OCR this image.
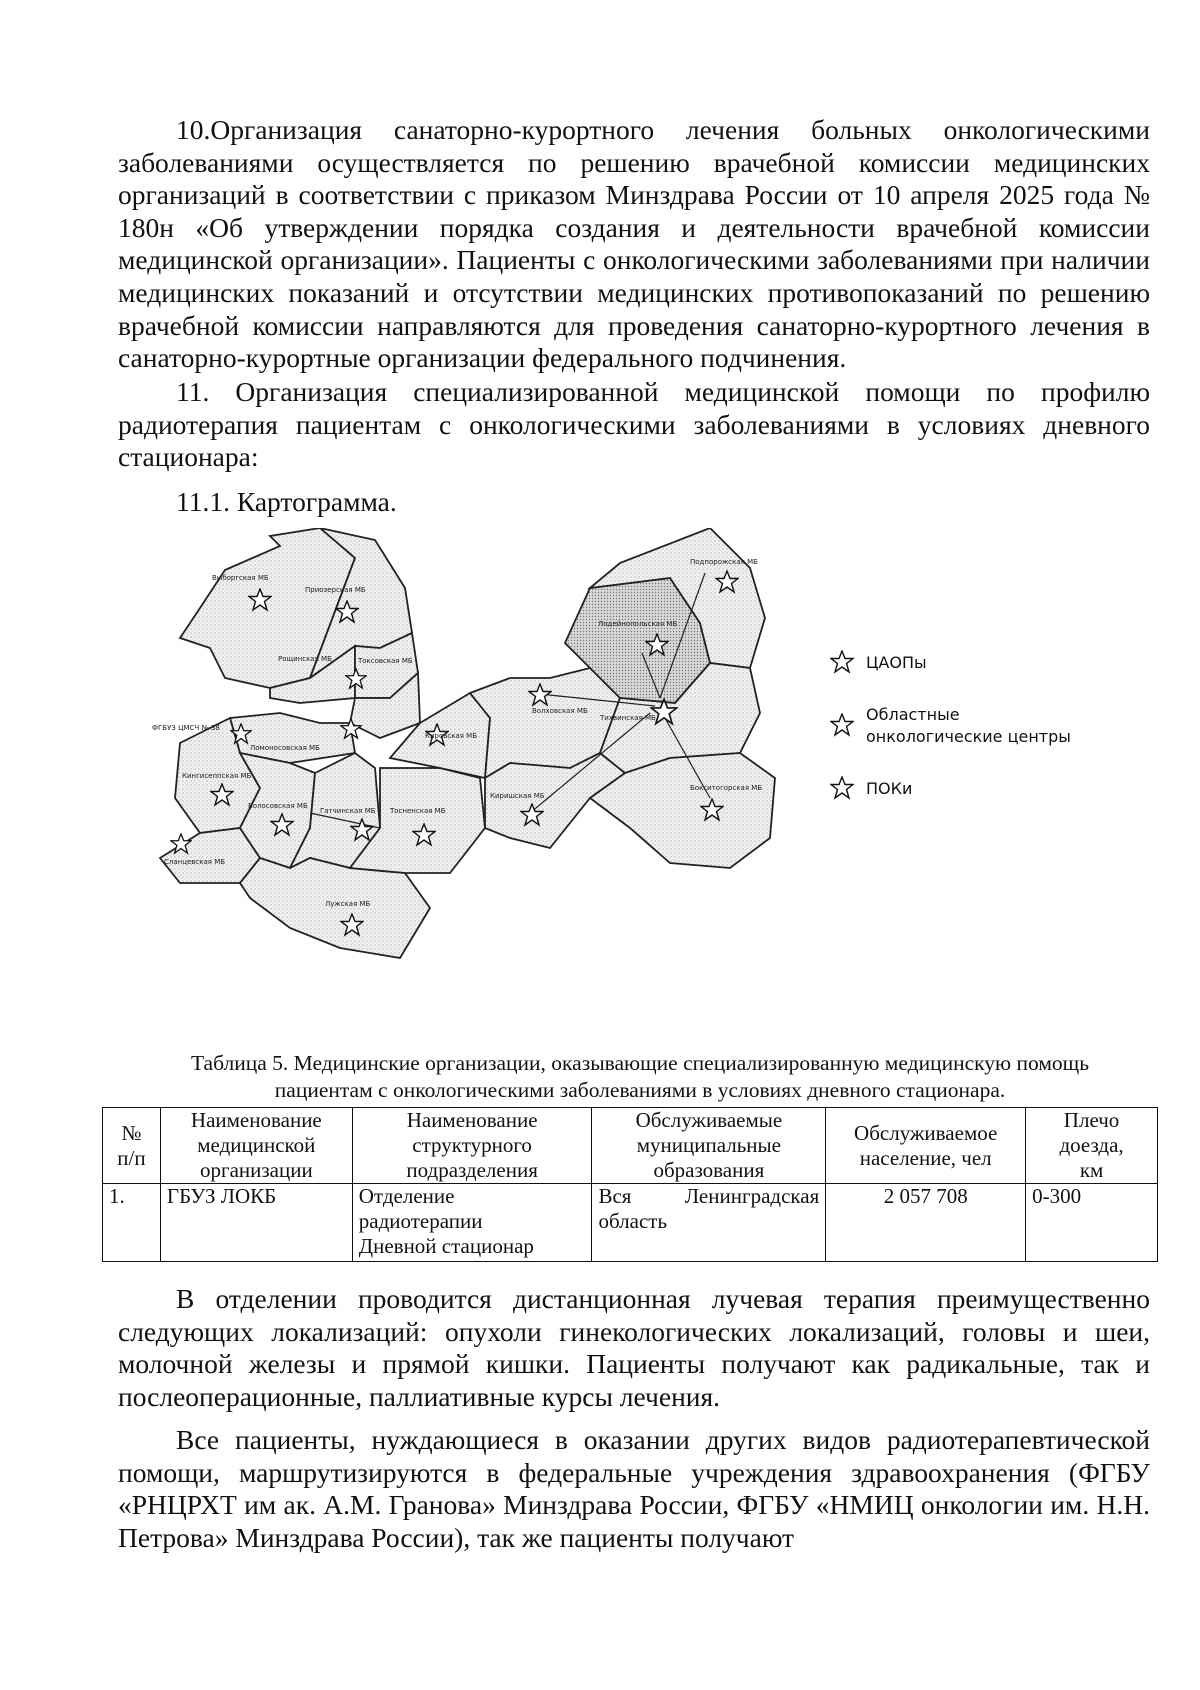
10.Организация санаторно-курортного лечения больных онкологическими заболеваниями осуществляется по решению врачебной комиссии медицинских организаций в соответствии с приказом Минздрава России от 10 апреля 2025 года № 180н «Об утверждении порядка создания и деятельности врачебной комиссии медицинской организации». Пациенты с онкологическими заболеваниями при наличии медицинских показаний и отсутствии медицинских противопоказаний по решению врачебной комиссии направляются для проведения санаторно-курортного лечения в санаторно-курортные организации федерального подчинения.

11. Организация специализированной медицинской помощи по профилю радиотерапия пациентам с онкологическими заболеваниями в условиях дневного стационара:

11.1. Картограмма.

Выборгская МБ
Приозерская МБ
Рощинская МБ	Токсовская МБ
ФГБУЗ ЦМСЧ № 38
Ломоносовская МБ
Кингисеппская МБ
Волосовская МБ
Гатчинская МБ Тосненская МБ
Кировская МБ
Волховская МБ
Лодейнопольская МБ
Подпорожская МБ
Тихвинская МБ
Киришская МБ
Бокситогорская МБ
Сланцевская МБ
Лужская МБ
ЦАОПы
Областные
онкологические центры
ПОКи

Таблица 5. Медицинские организации, оказывающие специализированную медицинскую помощь
пациентам с онкологическими заболеваниями в условиях дневного стационара.

№
п/п	Наименование
медицинской
организации	Наименование
структурного
подразделения	Обслуживаемые
муниципальные
образования	Обслуживаемое
население, чел	Плечо
доезда,
км

1.	ГБУЗ ЛОКБ	Отделение
радиотерапии
Дневной стационар	Вся Ленинградская область	2 057 708	0-300

В отделении проводится дистанционная лучевая терапия преимущественно следующих локализаций: опухоли гинекологических локализаций, головы и шеи, молочной железы и прямой кишки. Пациенты получают как радикальные, так и послеоперационные, паллиативные курсы лечения.

Все пациенты, нуждающиеся в оказании других видов радиотерапевтической помощи, маршрутизируются в федеральные учреждения здравоохранения (ФГБУ «РНЦРХТ им ак. А.М. Гранова» Минздрава России, ФГБУ «НМИЦ онкологии им. Н.Н. Петрова» Минздрава России), так же пациенты получают
